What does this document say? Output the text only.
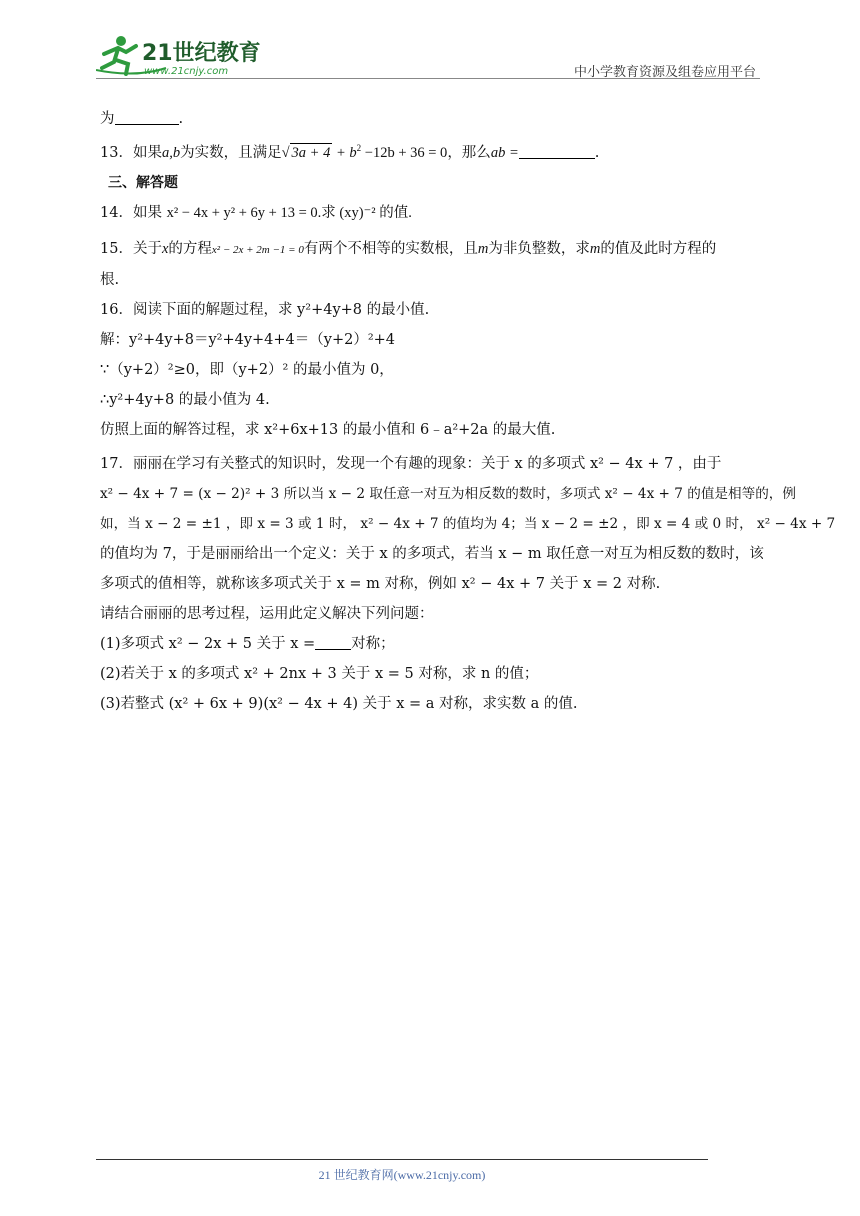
21世纪教育
www.21cnjy.com	中小学教育资源及组卷应用平台
为	.
13．如果a,b为实数，且满足√ $3a + 4 + b^2 -12b + 36 = 0$，那么ab =	.
三、解答题
14．如果 x² − 4x + y² + 6y + 13 = 0.求 (xy)⁻² 的值.
15．关于x的方程x² − 2x + 2m −1 = 0有两个不相等的实数根，且m为非负整数，求m的值及此时方程的
根.
16．阅读下面的解题过程，求 y²+4y+8 的最小值.
解：y²+4y+8＝y²+4y+4+4＝（y+2）²+4
∵（y+2）²≥0，即（y+2）² 的最小值为 0，
∴y²+4y+8 的最小值为 4.
仿照上面的解答过程，求 x²+6x+13 的最小值和 6﹣a²+2a 的最大值.
17．丽丽在学习有关整式的知识时，发现一个有趣的现象：关于 x 的多项式 x² − 4x + 7 ，由于
x² − 4x + 7 = (x − 2)² + 3 所以当 x − 2 取任意一对互为相反数的数时，多项式 x² − 4x + 7 的值是相等的，例
如，当 x − 2 = ±1 ，即 x = 3 或 1 时， x² − 4x + 7 的值均为 4；当 x − 2 = ±2 ，即 x = 4 或 0 时， x² − 4x + 7
的值均为 7，于是丽丽给出一个定义：关于 x 的多项式，若当 x − m 取任意一对互为相反数的数时，该
多项式的值相等，就称该多项式关于 x = m 对称，例如 x² − 4x + 7 关于 x = 2 对称.
请结合丽丽的思考过程，运用此定义解决下列问题：
(1)多项式 x² − 2x + 5 关于 x = 对称；
(2)若关于 x 的多项式 x² + 2nx + 3 关于 x = 5 对称，求 n 的值；
(3)若整式 (x² + 6x + 9)(x² − 4x + 4) 关于 x = a 对称，求实数 a 的值.
21 世纪教育网(www.21cnjy.com)
